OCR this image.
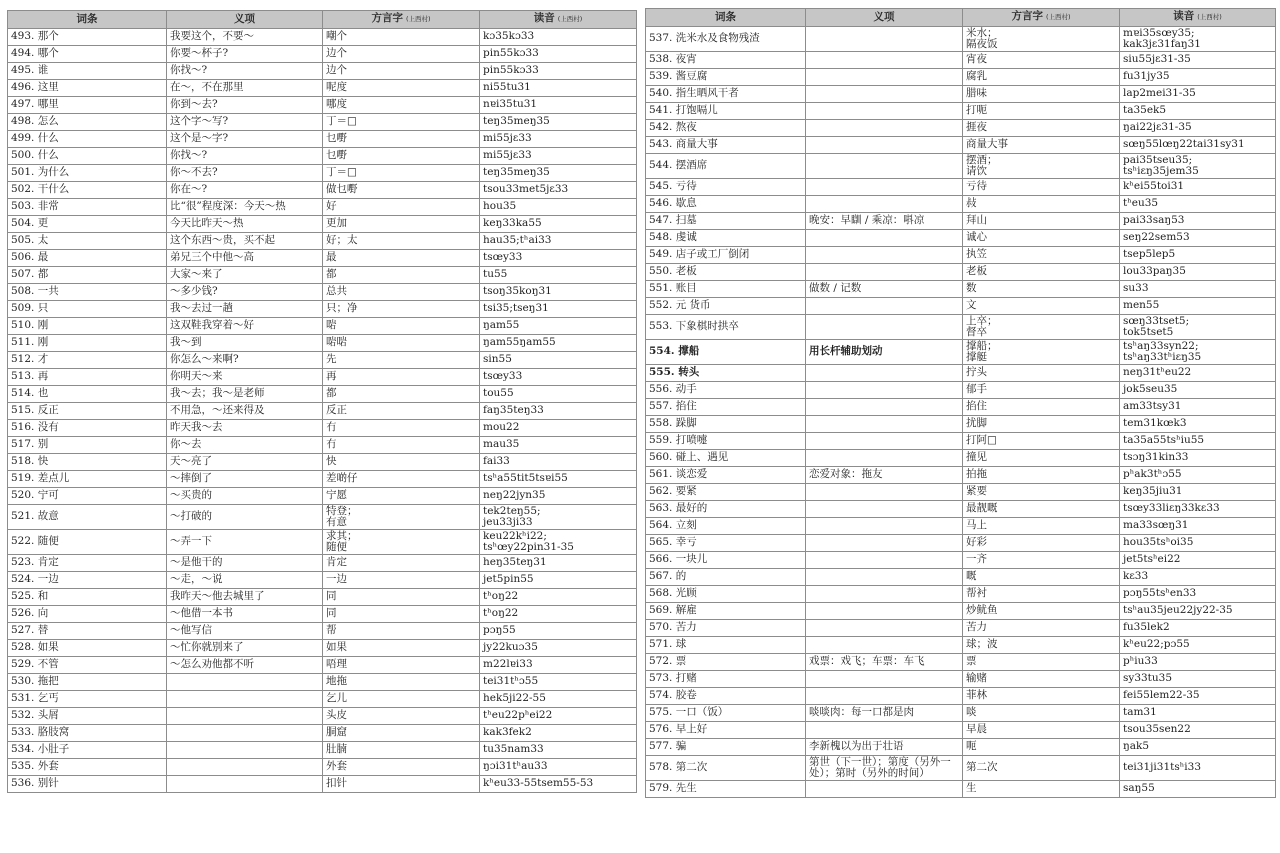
词条	义项	方言字 (上西村)	读音 (上西村)
493. 那个	我要这个，不要～	嘲个	kɔ35kɔ33
494. 哪个	你要～杯子?	边个	pin55kɔ33
495. 谁	你找～?	边个	pin55kɔ33
496. 这里	在～，不在那里	呢度	ni55tu31
497. 哪里	你到～去?	哪度	nɐi35tu31
498. 怎么	这个字～写?	丁＝□	teŋ35meŋ35
499. 什么	这个是～字?	乜嘢	mi55jɛ33
500. 什么	你找～?	乜嘢	mi55jɛ33
501. 为什么	你～不去?	丁＝□	teŋ35meŋ35
502. 干什么	你在～?	做乜嘢	tsou33met5jɛ33
503. 非常	比“很”程度深：今天～热	好	hou35
504. 更	今天比昨天～热	更加	keŋ33ka55
505. 太	这个东西～贵，买不起	好；太	hau35;tʰai33
506. 最	弟兄三个中他～高	最	tsœy33
507. 都	大家～来了	都	tu55
508. 一共	～多少钱?	总共	tsoŋ35koŋ31
509. 只	我～去过一趟	只；净	tsi35;tseŋ31
510. 刚	这双鞋我穿着～好	啱	ŋam55
511. 刚	我～到	啱啱	ŋam55ŋam55
512. 才	你怎么～来啊?	先	sin55
513. 再	你明天～来	再	tsœy33
514. 也	我～去；我～是老师	都	tou55
515. 反正	不用急，～还来得及	反正	faŋ35teŋ33
516. 没有	昨天我～去	冇	mou22
517. 别	你～去	冇	mau35
518. 快	天～亮了	快	fai33
519. 差点儿	～摔倒了	差啲仔	tsʰa55tit5tsɐi55
520. 宁可	～买贵的	宁愿	neŋ22jyn35
521. 故意	～打破的	特登；
有意	tek2teŋ55;
jeu33ji33
522. 随便	～弄一下	求其；
随便	keu22kʰi22;
tsʰœy22pin31-35
523. 肯定	～是他干的	肯定	heŋ35teŋ31
524. 一边	～走，～说	一边	jet5pin55
525. 和	我昨天～他去城里了	同	tʰoŋ22
526. 向	～他借一本书	同	tʰoŋ22
527. 替	～他写信	帮	pɔŋ55
528. 如果	～忙你就别来了	如果	jy22kuɔ35
529. 不管	～怎么劝他都不听	唔理	m22lɐi33
530. 拖把		地拖	tei31tʰɔ55
531. 乞丐		乞儿	hek5ji22-55
532. 头屑		头皮	tʰeu22pʰei22
533. 胳肢窝		胴窟	kak3fek2
534. 小肚子		肚腩	tu35nam33
535. 外套		外套	ŋɔi31tʰau33
536. 别针		扣针	kʰeu33-55tsem55-53
词条	义项	方言字 (上西村)	读音 (上西村)
537. 洗米水及食物残渣		米水；
隔夜饭	mɐi35sœy35;
kak3jɛ31faŋ31
538. 夜宵		宵夜	siu55jɛ31-35
539. 酱豆腐		腐乳	fu31jy35
540. 指生晒风干者		腊味	lap2mei31-35
541. 打饱嗝儿		打呃	ta35ek5
542. 熬夜		捱夜	ŋai22jɛ31-35
543. 商量大事		商量大事	sœŋ55lœŋ22tai31sy31
544. 摆酒席		摆酒；
请饮	pai35tseu35;
tsʰiɛŋ35jem35
545. 亏待		亏待	kʰei55toi31
546. 歇息		敊	tʰeu35
547. 扫墓	晚安：早瞓 / 乘凉：唞凉	拜山	pai33saŋ53
548. 虔诚		诚心	seŋ22sem53
549. 店子或工厂倒闭		执笠	tsep5lep5
550. 老板		老板	lou33paŋ35
551. 账目	做数 / 记数	数	su33
552. 元 货币		文	men55
553. 下象棋时拱卒		上卒；
督卒	sœŋ33tset5;
tok5tset5
554. 撑船	用长杆辅助划动	撑船；
撑艇	tsʰaŋ33syn22;
tsʰaŋ33tʰiɛŋ35
555. 转头		拧头	neŋ31tʰeu22
556. 动手		郁手	jok5seu35
557. 掐住		掐住	am33tsy31
558. 跺脚		扰脚	tem31kœk3
559. 打喷嚏		打阿□	ta35a55tsʰiu55
560. 碰上、遇见		撞见	tsɔŋ31kin33
561. 谈恋爱	恋爱对象：拖友	拍拖	pʰak3tʰɔ55
562. 要紧		紧要	keŋ35jiu31
563. 最好的		最靓嘅	tsœy33liɛŋ33kɛ33
564. 立刻		马上	ma33sœŋ31
565. 幸亏		好彩	hou35tsʰoi35
566. 一块儿		一齐	jet5tsʰei22
567. 的		嘅	kɛ33
568. 光顾		帮衬	pɔŋ55tsʰen33
569. 解雇		炒鱿鱼	tsʰau35jeu22jy22-35
570. 苦力		苦力	fu35lek2
571. 球		球；波	kʰeu22;pɔ55
572. 票	戏票：戏飞；车票：车飞	票	pʰiu33
573. 打赌		输赌	sy33tu35
574. 胶卷		菲林	fei55lem22-35
575. 一口（饭）	啖啖肉：每一口都是肉	啖	tam31
576. 早上好		早晨	tsou35sen22
577. 骗	李新槐以为出于壮语	呃	ŋak5
578. 第二次	第世（下一世）；第度（另外一
处）；第时（另外的时间）	第二次	tei31ji31tsʰi33
579. 先生		生	saŋ55
